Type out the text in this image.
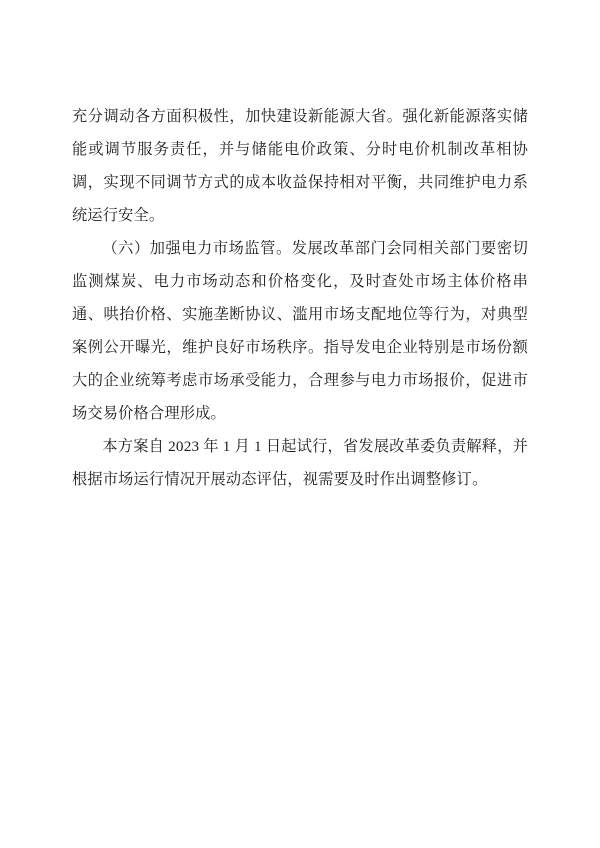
充分调动各方面积极性，加快建设新能源大省。强化新能源落实储能或调节服务责任，并与储能电价政策、分时电价机制改革相协调，实现不同调节方式的成本收益保持相对平衡，共同维护电力系统运行安全。

（六）加强电力市场监管。发展改革部门会同相关部门要密切监测煤炭、电力市场动态和价格变化，及时查处市场主体价格串通、哄抬价格、实施垄断协议、滥用市场支配地位等行为，对典型案例公开曝光，维护良好市场秩序。指导发电企业特别是市场份额大的企业统筹考虑市场承受能力，合理参与电力市场报价，促进市场交易价格合理形成。

本方案自 2023 年 1 月 1 日起试行，省发展改革委负责解释，并根据市场运行情况开展动态评估，视需要及时作出调整修订。
